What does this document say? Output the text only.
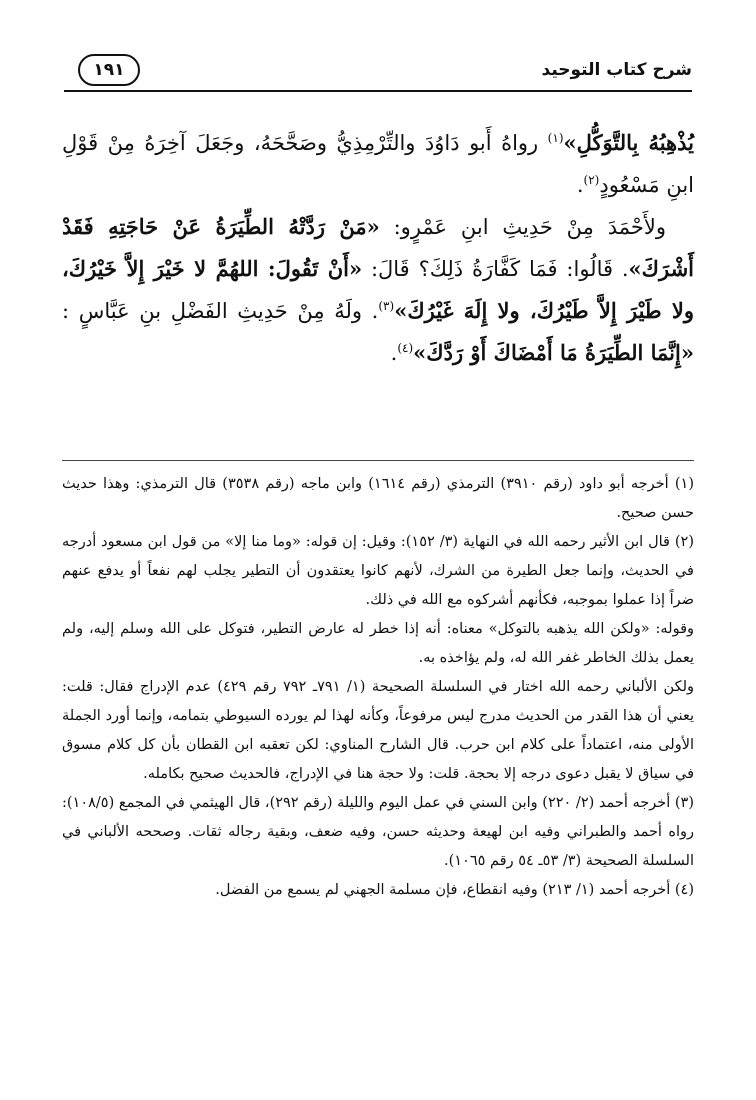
شرح كتاب التوحيد
١٩١

يُذْهِبُهُ بِالتَّوَكُّلِ»$^{(١)}$ رواهُ أَبو دَاوُدَ والتِّرْمِذِيُّ وصَحَّحَهُ، وجَعَلَ آخِرَهُ مِنْ قَوْلِ ابنِ مَسْعُودٍ$^{(٢)}$.

ولأَحْمَدَ مِنْ حَدِيثِ ابنِ عَمْرٍو: «مَنْ رَدَّتْهُ الطِّيَرَةُ عَنْ حَاجَتِهِ فَقَدْ أَشْرَكَ». قَالُوا: فَمَا كَفَّارَةُ ذَلِكَ؟ قَالَ: «أَنْ تَقُولَ: اللهُمَّ لا خَيْرَ إِلاَّ خَيْرُكَ، ولا طَيْرَ إِلاَّ طَيْرُكَ، ولا إِلَهَ غَيْرُكَ»$^{(٣)}$. ولَهُ مِنْ حَدِيثِ الفَضْلِ بنِ عَبَّاسٍ : «إِنَّمَا الطِّيَرَةُ مَا أَمْضَاكَ أَوْ رَدَّكَ»$^{(٤)}$.

(١) أخرجه أبو داود (رقم ٣٩١٠) الترمذي (رقم ١٦١٤) وابن ماجه (رقم ٣٥٣٨) قال الترمذي: وهذا حديث حسن صحيح.

(٢) قال ابن الأثير رحمه الله في النهاية (٣/ ١٥٢): وقيل: إن قوله: «وما منا إلا» من قول ابن مسعود أدرجه في الحديث، وإنما جعل الطيرة من الشرك، لأنهم كانوا يعتقدون أن التطير يجلب لهم نفعاً أو يدفع عنهم ضراً إذا عملوا بموجبه، فكأنهم أشركوه مع الله في ذلك.

وقوله: «ولكن الله يذهبه بالتوكل» معناه: أنه إذا خطر له عارض التطير، فتوكل على الله وسلم إليه، ولم يعمل بذلك الخاطر غفر الله له، ولم يؤاخذه به.

ولكن الألباني رحمه الله اختار في السلسلة الصحيحة (١/ ٧٩١ـ ٧٩٢ رقم ٤٢٩) عدم الإدراج فقال: قلت: يعني أن هذا القدر من الحديث مدرج ليس مرفوعاً، وكأنه لهذا لم يورده السيوطي بتمامه، وإنما أورد الجملة الأولى منه، اعتماداً على كلام ابن حرب. قال الشارح المناوي: لكن تعقبه ابن القطان بأن كل كلام مسوق في سياق لا يقبل دعوى درجه إلا بحجة. قلت: ولا حجة هنا في الإدراج، فالحديث صحيح بكامله.

(٣) أخرجه أحمد (٢/ ٢٢٠) وابن السني في عمل اليوم والليلة (رقم ٢٩٢)، قال الهيثمي في المجمع (١٠٨/٥): رواه أحمد والطبراني وفيه ابن لهيعة وحديثه حسن، وفيه ضعف، وبقية رجاله ثقات. وصححه الألباني في السلسلة الصحيحة (٣/ ٥٣ـ ٥٤ رقم ١٠٦٥).

(٤) أخرجه أحمد (١/ ٢١٣) وفيه انقطاع، فإن مسلمة الجهني لم يسمع من الفضل.
